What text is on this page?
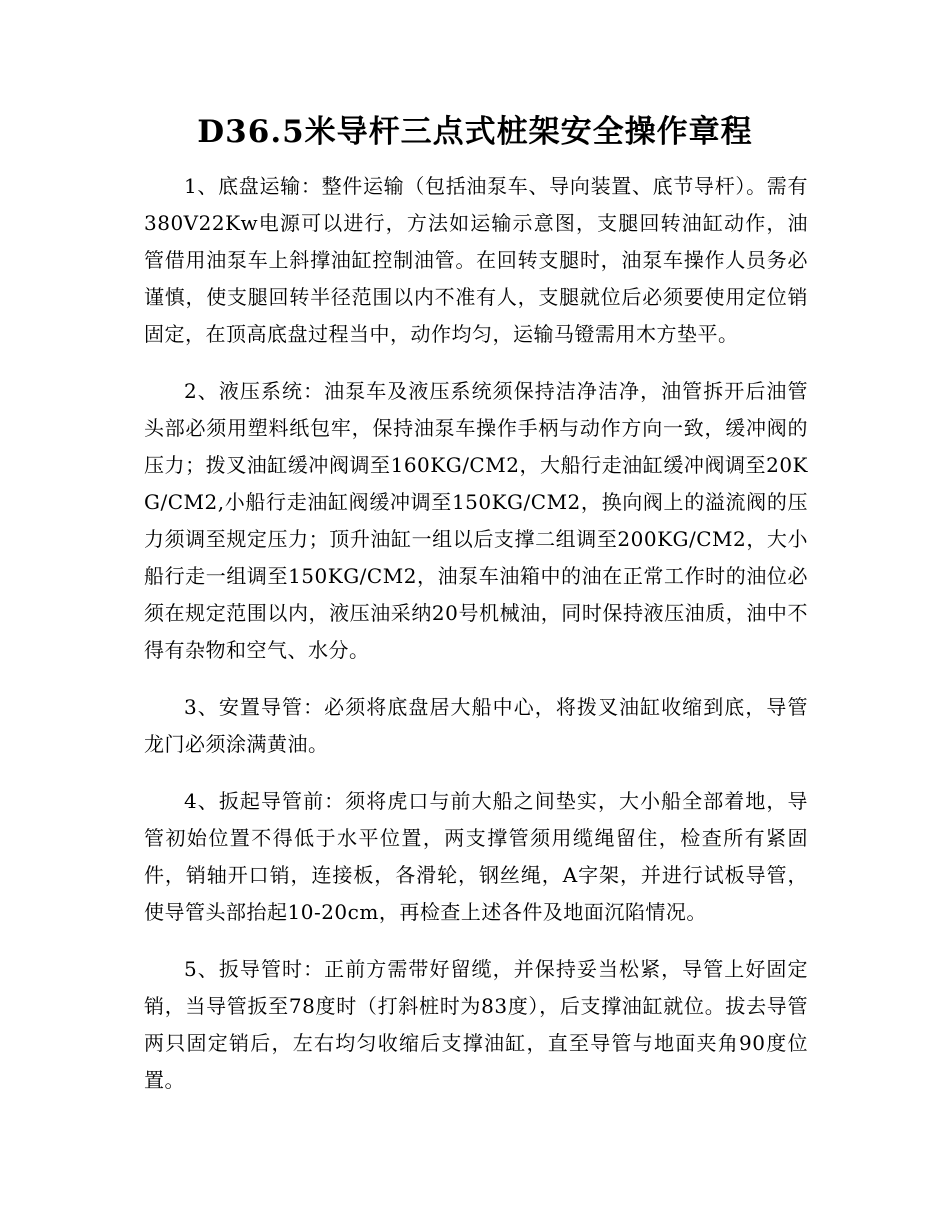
D36.5米导杆三点式桩架安全操作章程

1、底盘运输：整件运输（包括油泵车、导向装置、底节导杆）。需有380V22Kw电源可以进行，方法如运输示意图，支腿回转油缸动作，油管借用油泵车上斜撑油缸控制油管。在回转支腿时，油泵车操作人员务必谨慎，使支腿回转半径范围以内不准有人，支腿就位后必须要使用定位销固定，在顶高底盘过程当中，动作均匀，运输马镫需用木方垫平。

2、液压系统：油泵车及液压系统须保持洁净洁净，油管拆开后油管头部必须用塑料纸包牢，保持油泵车操作手柄与动作方向一致，缓冲阀的压力；拨叉油缸缓冲阀调至160KG/CM2，大船行走油缸缓冲阀调至20KG/CM2,小船行走油缸阀缓冲调至150KG/CM2，换向阀上的溢流阀的压力须调至规定压力；顶升油缸一组以后支撑二组调至200KG/CM2，大小船行走一组调至150KG/CM2，油泵车油箱中的油在正常工作时的油位必须在规定范围以内，液压油采纳20号机械油，同时保持液压油质，油中不得有杂物和空气、水分。

3、安置导管：必须将底盘居大船中心，将拨叉油缸收缩到底，导管龙门必须涂满黄油。

4、扳起导管前：须将虎口与前大船之间垫实，大小船全部着地，导管初始位置不得低于水平位置，两支撑管须用缆绳留住，检查所有紧固件，销轴开口销，连接板，各滑轮，钢丝绳，A字架，并进行试板导管，使导管头部抬起10-20cm，再检查上述各件及地面沉陷情况。

5、扳导管时：正前方需带好留缆，并保持妥当松紧，导管上好固定销，当导管扳至78度时（打斜桩时为83度），后支撑油缸就位。拔去导管两只固定销后，左右均匀收缩后支撑油缸，直至导管与地面夹角90度位置。
